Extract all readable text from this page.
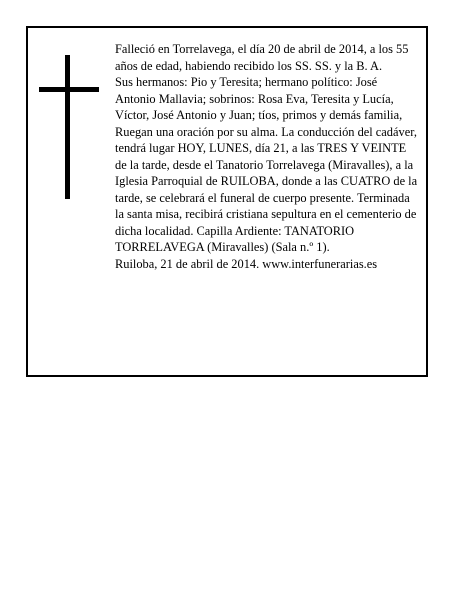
Falleció en Torrelavega, el día 20 de abril de 2014, a los 55 años de edad, habiendo recibido los SS. SS. y la B. A.

Sus hermanos: Pio y Teresita; hermano político: José Antonio Mallavia; sobrinos: Rosa Eva, Teresita y Lucía, Víctor, José Antonio y Juan; tíos, primos y demás familia,

Ruegan una oración por su alma. La conducción del cadáver, tendrá lugar HOY, LUNES, día 21, a las TRES Y VEINTE de la tarde, desde el Tanatorio Torrelavega (Miravalles), a la Iglesia Parroquial de RUILOBA, donde a las CUATRO de la tarde, se celebrará el funeral de cuerpo presente. Terminada la santa misa, recibirá cristiana sepultura en el cementerio de dicha localidad. Capilla Ardiente: TANATORIO TORRELAVEGA (Miravalles) (Sala n.º 1).

Ruiloba, 21 de abril de 2014. www.interfunerarias.es
